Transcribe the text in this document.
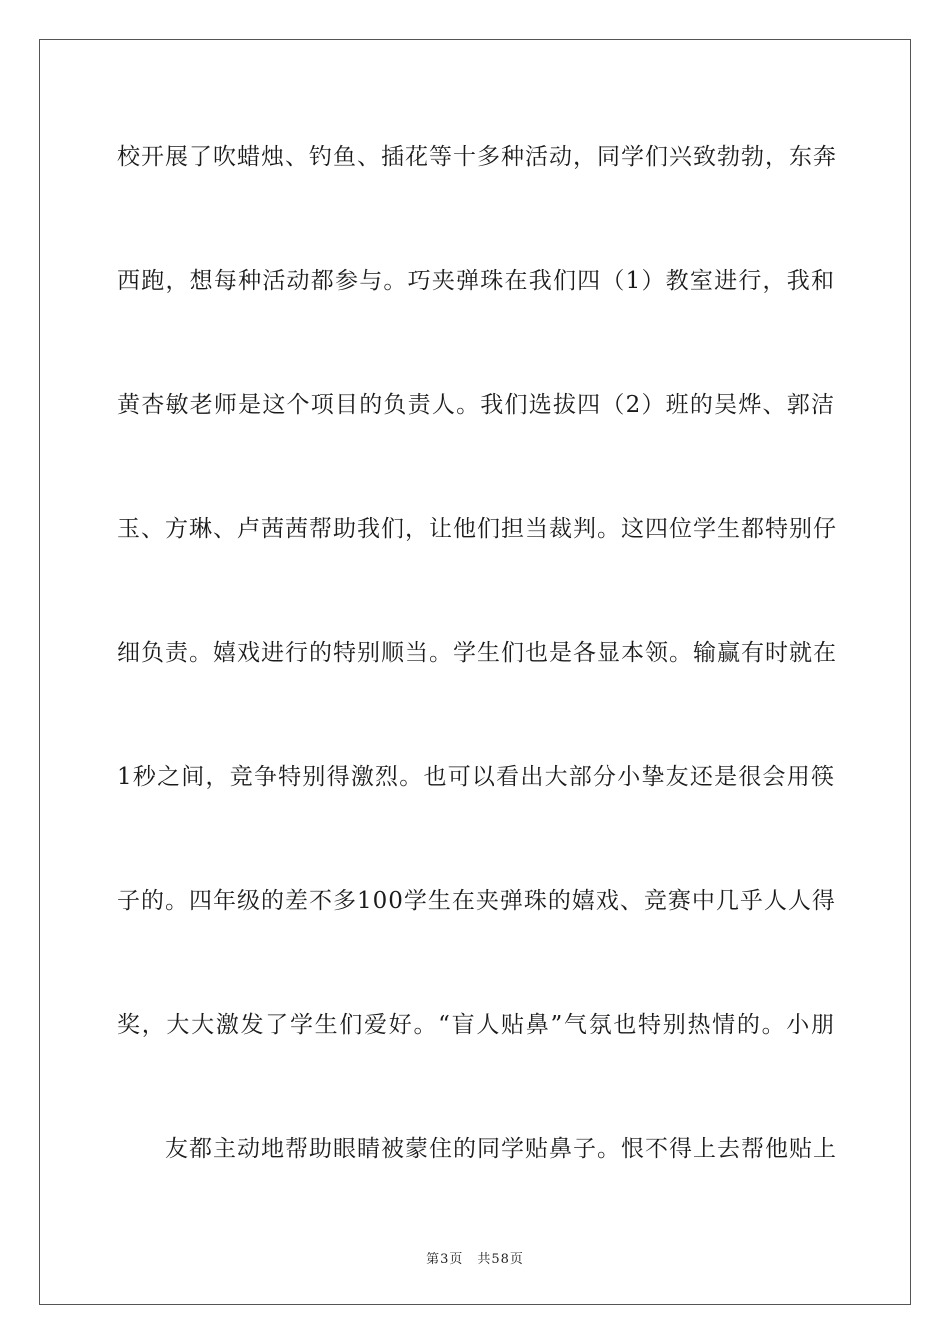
校开展了吹蜡烛、钓鱼、插花等十多种活动，同学们兴致勃勃，东奔
西跑，想每种活动都参与。巧夹弹珠在我们四（1）教室进行，我和
黄杏敏老师是这个项目的负责人。我们选拔四（2）班的吴烨、郭洁
玉、方琳、卢茜茜帮助我们，让他们担当裁判。这四位学生都特别仔
细负责。嬉戏进行的特别顺当。学生们也是各显本领。输赢有时就在
1秒之间，竞争特别得激烈。也可以看出大部分小挚友还是很会用筷
子的。四年级的差不多100学生在夹弹珠的嬉戏、竞赛中几乎人人得
奖，大大激发了学生们爱好。“盲人贴鼻”气氛也特别热情的。小朋
友都主动地帮助眼睛被蒙住的同学贴鼻子。恨不得上去帮他贴上
第3页 共58页
